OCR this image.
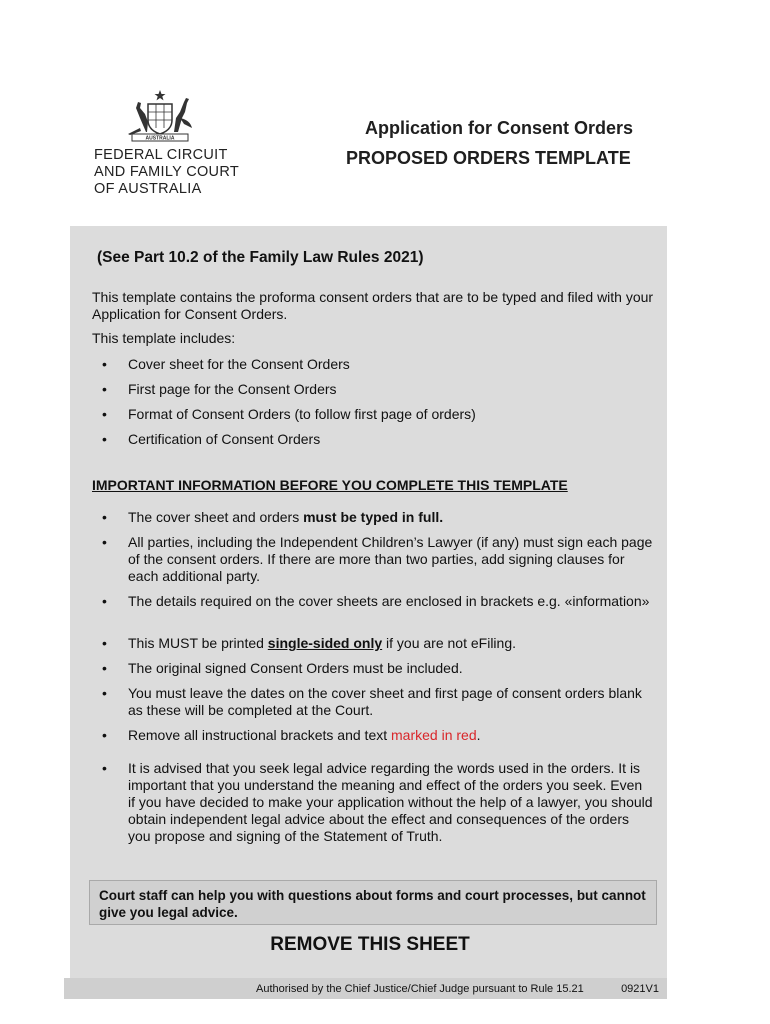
AUSTRALIA
FEDERAL CIRCUIT
AND FAMILY COURT
OF AUSTRALIA
Application for Consent Orders
PROPOSED ORDERS TEMPLATE
(See Part 10.2 of the Family Law Rules 2021)
This template contains the proforma consent orders that are to be typed and filed with your Application for Consent Orders.
This template includes:
• Cover sheet for the Consent Orders
• First page for the Consent Orders
• Format of Consent Orders (to follow first page of orders)
• Certification of Consent Orders
• The cover sheet and orders must be typed in full.
• All parties, including the Independent Children’s Lawyer (if any) must sign each page of the consent orders. If there are more than two parties, add signing clauses for each additional party.
• The details required on the cover sheets are enclosed in brackets e.g. «information»
• This MUST be printed single-sided only if you are not eFiling.
• The original signed Consent Orders must be included.
• You must leave the dates on the cover sheet and first page of consent orders blank as these will be completed at the Court.
• Remove all instructional brackets and text marked in red.
• It is advised that you seek legal advice regarding the words used in the orders. It is important that you understand the meaning and effect of the orders you seek. Even if you have decided to make your application without the help of a lawyer, you should obtain independent legal advice about the effect and consequences of the orders you propose and signing of the Statement of Truth.
IMPORTANT INFORMATION BEFORE YOU COMPLETE THIS TEMPLATE
Court staff can help you with questions about forms and court processes, but cannot give you legal advice.
REMOVE THIS SHEET
Authorised by the Chief Justice/Chief Judge pursuant to Rule 15.21	0921V1
